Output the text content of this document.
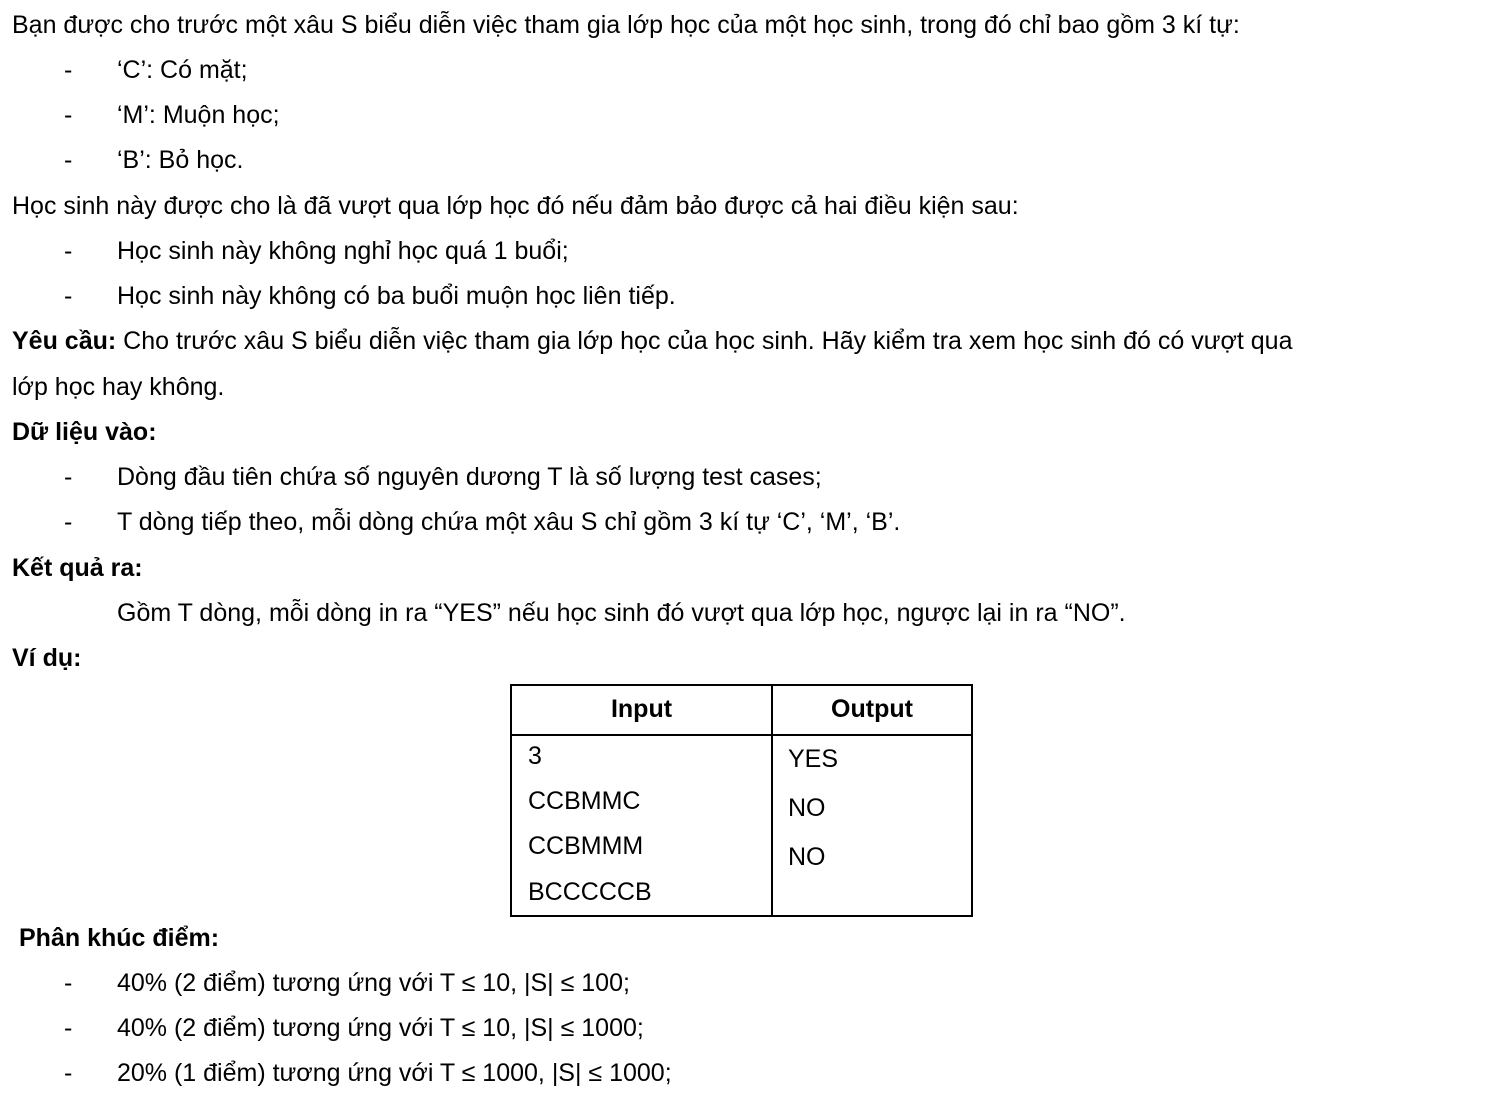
Bạn được cho trước một xâu S biểu diễn việc tham gia lớp học của một học sinh, trong đó chỉ bao gồm 3 kí tự:
- ‘C’: Có mặt;
- ‘M’: Muộn học;
- ‘B’: Bỏ học.
Học sinh này được cho là đã vượt qua lớp học đó nếu đảm bảo được cả hai điều kiện sau:
- Học sinh này không nghỉ học quá 1 buổi;
- Học sinh này không có ba buổi muộn học liên tiếp.
Yêu cầu: Cho trước xâu S biểu diễn việc tham gia lớp học của học sinh. Hãy kiểm tra xem học sinh đó có vượt qua
lớp học hay không.
Dữ liệu vào:
- Dòng đầu tiên chứa số nguyên dương T là số lượng test cases;
- T dòng tiếp theo, mỗi dòng chứa một xâu S chỉ gồm 3 kí tự ‘C’, ‘M’, ‘B’.
Kết quả ra:
Gồm T dòng, mỗi dòng in ra “YES” nếu học sinh đó vượt qua lớp học, ngược lại in ra “NO”.
Ví dụ:
Input	Output
3
CCBMMC
CCBMMM
BCCCCCB
YES
NO
NO
Phân khúc điểm:
- 40% (2 điểm) tương ứng với T ≤ 10, |S| ≤ 100;
- 40% (2 điểm) tương ứng với T ≤ 10, |S| ≤ 1000;
- 20% (1 điểm) tương ứng với T ≤ 1000, |S| ≤ 1000;
